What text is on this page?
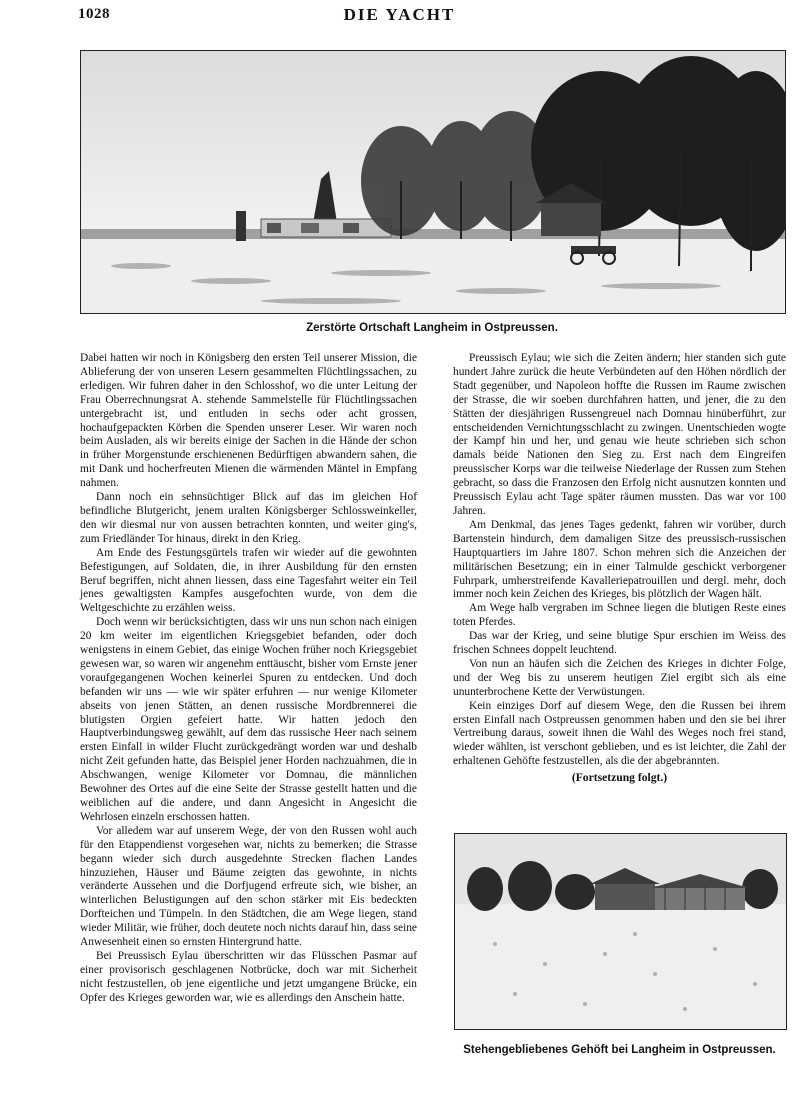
1028	DIE YACHT
Zerstörte Ortschaft Langheim in Ostpreussen.

Dabei hatten wir noch in Königsberg den ersten Teil unserer Mission, die Ablieferung der von unseren Lesern gesammelten Flüchtlingssachen, zu erledigen. Wir fuhren daher in den Schlosshof, wo die unter Leitung der Frau Oberrechnungsrat A. stehende Sammelstelle für Flüchtlingssachen untergebracht ist, und entluden in sechs oder acht grossen, hochaufgepackten Körben die Spenden unserer Leser. Wir waren noch beim Ausladen, als wir bereits einige der Sachen in die Hände der schon in früher Morgenstunde erschienenen Bedürftigen abwandern sahen, die mit Dank und hocherfreuten Mienen die wärmenden Mäntel in Empfang nahmen.

Dann noch ein sehnsüchtiger Blick auf das im gleichen Hof befindliche Blutgericht, jenem uralten Königsberger Schlossweinkeller, den wir diesmal nur von aussen betrachten konnten, und weiter ging's, zum Friedländer Tor hinaus, direkt in den Krieg.

Am Ende des Festungsgürtels trafen wir wieder auf die gewohnten Befestigungen, auf Soldaten, die, in ihrer Ausbildung für den ernsten Beruf begriffen, nicht ahnen liessen, dass eine Tagesfahrt weiter ein Teil jenes gewaltigsten Kampfes ausgefochten wurde, von dem die Weltgeschichte zu erzählen weiss.

Doch wenn wir berücksichtigten, dass wir uns nun schon nach einigen 20 km weiter im eigentlichen Kriegsgebiet befanden, oder doch wenigstens in einem Gebiet, das einige Wochen früher noch Kriegsgebiet gewesen war, so waren wir angenehm enttäuscht, bisher vom Ernste jener voraufgegangenen Wochen keinerlei Spuren zu entdecken. Und doch befanden wir uns — wie wir später erfuhren — nur wenige Kilometer abseits von jenen Stätten, an denen russische Mordbrennerei die blutigsten Orgien gefeiert hatte. Wir hatten jedoch den Hauptverbindungsweg gewählt, auf dem das russische Heer nach seinem ersten Einfall in wilder Flucht zurückgedrängt worden war und deshalb nicht Zeit gefunden hatte, das Beispiel jener Horden nachzuahmen, die in Abschwangen, wenige Kilometer vor Domnau, die männlichen Bewohner des Ortes auf die eine Seite der Strasse gestellt hatten und die weiblichen auf die andere, und dann Angesicht in Angesicht die Wehrlosen einzeln erschossen hatten.

Vor alledem war auf unserem Wege, der von den Russen wohl auch für den Etappendienst vorgesehen war, nichts zu bemerken; die Strasse begann wieder sich durch ausgedehnte Strecken flachen Landes hinzuziehen, Häuser und Bäume zeigten das gewohnte, in nichts veränderte Aussehen und die Dorfjugend erfreute sich, wie bisher, an winterlichen Belustigungen auf den schon stärker mit Eis bedeckten Dorfteichen und Tümpeln. In den Städtchen, die am Wege liegen, stand wieder Militär, wie früher, doch deutete noch nichts darauf hin, dass seine Anwesenheit einen so ernsten Hintergrund hatte.

Bei Preussisch Eylau überschritten wir das Flüsschen Pasmar auf einer provisorisch geschlagenen Notbrücke, doch war mit Sicherheit nicht festzustellen, ob jene eigentliche und jetzt umgangene Brücke, ein Opfer des Krieges geworden war, wie es allerdings den Anschein hatte.

Preussisch Eylau; wie sich die Zeiten ändern; hier standen sich gute hundert Jahre zurück die heute Verbündeten auf den Höhen nördlich der Stadt gegenüber, und Napoleon hoffte die Russen im Raume zwischen der Strasse, die wir soeben durchfahren hatten, und jener, die zu den Stätten der diesjährigen Russengreuel nach Domnau hinüberführt, zur entscheidenden Vernichtungsschlacht zu zwingen. Unentschieden wogte der Kampf hin und her, und genau wie heute schrieben sich schon damals beide Nationen den Sieg zu. Erst nach dem Eingreifen preussischer Korps war die teilweise Niederlage der Russen zum Stehen gebracht, so dass die Franzosen den Erfolg nicht ausnutzen konnten und Preussisch Eylau acht Tage später räumen mussten. Das war vor 100 Jahren.

Am Denkmal, das jenes Tages gedenkt, fahren wir vorüber, durch Bartenstein hindurch, dem damaligen Sitze des preussisch-russischen Hauptquartiers im Jahre 1807. Schon mehren sich die Anzeichen der militärischen Besetzung; ein in einer Talmulde geschickt verborgener Fuhrpark, umherstreifende Kavalleriepatrouillen und dergl. mehr, doch immer noch kein Zeichen des Krieges, bis plötzlich der Wagen hält.

Am Wege halb vergraben im Schnee liegen die blutigen Reste eines toten Pferdes.

Das war der Krieg, und seine blutige Spur erschien im Weiss des frischen Schnees doppelt leuchtend.

Von nun an häufen sich die Zeichen des Krieges in dichter Folge, und der Weg bis zu unserem heutigen Ziel ergibt sich als eine ununterbrochene Kette der Verwüstungen.

Kein einziges Dorf auf diesem Wege, den die Russen bei ihrem ersten Einfall nach Ostpreussen genommen haben und den sie bei ihrer Vertreibung daraus, soweit ihnen die Wahl des Weges noch frei stand, wieder wählten, ist verschont geblieben, und es ist leichter, die Zahl der erhaltenen Gehöfte festzustellen, als die der abgebrannten.

(Fortsetzung folgt.)
Stehengebliebenes Gehöft bei Langheim in Ostpreussen.
